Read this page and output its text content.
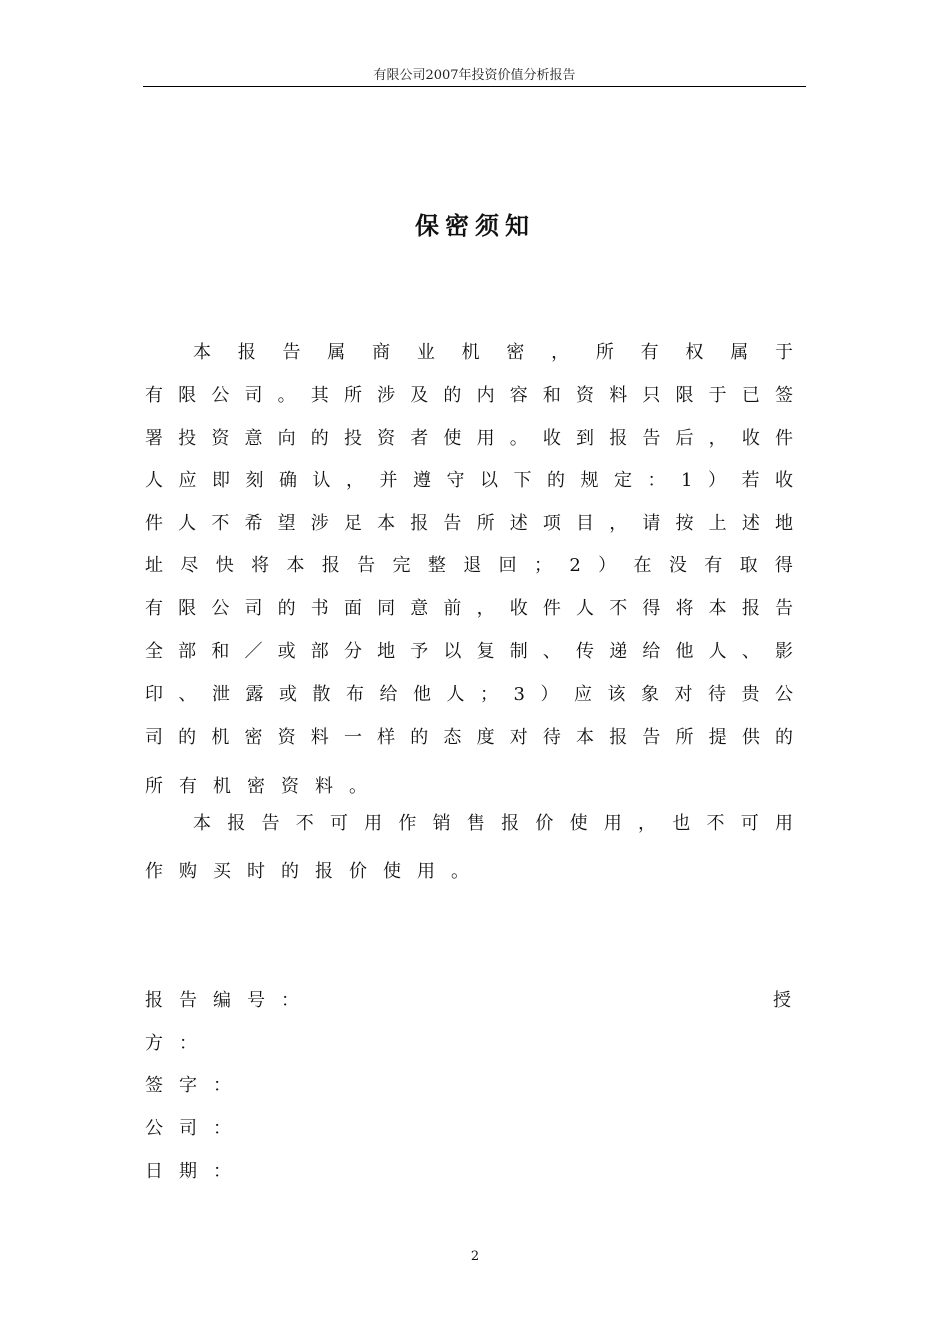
有限公司2007年投资价值分析报告
保密须知
本 报 告 属 商 业 机 密 ， 所 有 权 属 于
有 限 公 司 。 其 所 涉 及 的 内 容 和 资 料 只 限 于 已 签
署 投 资 意 向 的 投 资 者 使 用 。 收 到 报 告 后 ， 收 件
人 应 即 刻 确 认 ， 并 遵 守 以 下 的 规 定 ： 1 ） 若 收
件 人 不 希 望 涉 足 本 报 告 所 述 项 目 ， 请 按 上 述 地
址 尽 快 将 本 报 告 完 整 退 回 ； 2 ） 在 没 有 取 得
有 限 公 司 的 书 面 同 意 前 ， 收 件 人 不 得 将 本 报 告
全 部 和 ／ 或 部 分 地 予 以 复 制 、 传 递 给 他 人 、 影
印 、 泄 露 或 散 布 给 他 人 ； 3 ） 应 该 象 对 待 贵 公
司 的 机 密 资 料 一 样 的 态 度 对 待 本 报 告 所 提 供 的
所有机密资料。
本 报 告 不 可 用 作 销 售 报 价 使 用 ， 也 不 可 用
作购买时的报价使用。
报告编号：	授
方：
签字：
公司：
日期：
2
